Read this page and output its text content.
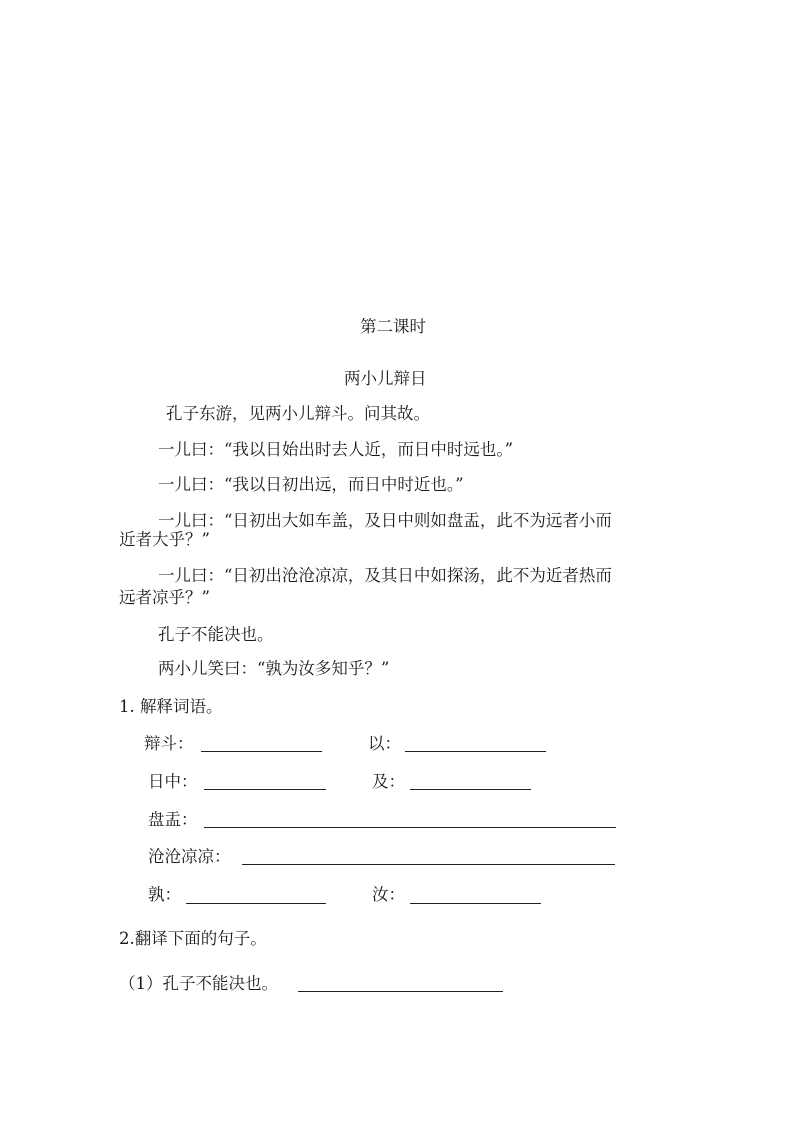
第二课时
两小儿辩日
孔子东游，见两小儿辩斗。问其故。
一儿曰：“我以日始出时去人近，而日中时远也。”
一儿曰：“我以日初出远，而日中时近也。”
一儿曰：“日初出大如车盖，及日中则如盘盂，此不为远者小而
近者大乎？”
一儿曰：“日初出沧沧凉凉，及其日中如探汤，此不为近者热而
远者凉乎？”
孔子不能决也。
两小儿笑曰：“孰为汝多知乎？”
1. 解释词语。
辩斗：	以：
日中：	及：
盘盂：
沧沧凉凉：
孰：	汝：
2.翻译下面的句子。
（1）孔子不能决也。
